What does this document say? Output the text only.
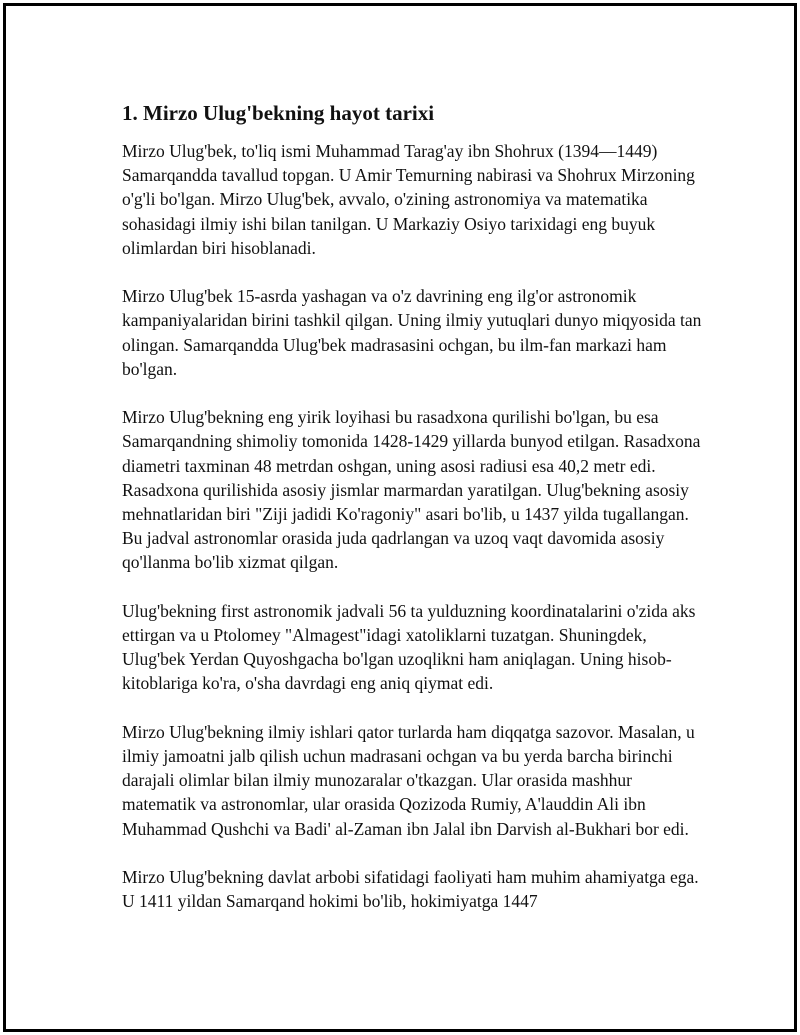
1. Mirzo Ulug'bekning hayot tarixi

Mirzo Ulug'bek, to'liq ismi Muhammad Tarag'ay ibn Shohrux (1394—1449) Samarqandda tavallud topgan. U Amir Temurning nabirasi va Shohrux Mirzoning o'g'li bo'lgan. Mirzo Ulug'bek, avvalo, o'zining astronomiya va matematika sohasidagi ilmiy ishi bilan tanilgan. U Markaziy Osiyo tarixidagi eng buyuk olimlardan biri hisoblanadi.

Mirzo Ulug'bek 15-asrda yashagan va o'z davrining eng ilg'or astronomik kampaniyalaridan birini tashkil qilgan. Uning ilmiy yutuqlari dunyo miqyosida tan olingan. Samarqandda Ulug'bek madrasasini ochgan, bu ilm-fan markazi ham bo'lgan.

Mirzo Ulug'bekning eng yirik loyihasi bu rasadxona qurilishi bo'lgan, bu esa Samarqandning shimoliy tomonida 1428-1429 yillarda bunyod etilgan. Rasadxona diametri taxminan 48 metrdan oshgan, uning asosi radiusi esa 40,2 metr edi. Rasadxona qurilishida asosiy jismlar marmardan yaratilgan. Ulug'bekning asosiy mehnatlaridan biri "Ziji jadidi Ko'ragoniy" asari bo'lib, u 1437 yilda tugallangan. Bu jadval astronomlar orasida juda qadrlangan va uzoq vaqt davomida asosiy qo'llanma bo'lib xizmat qilgan.

Ulug'bekning first astronomik jadvali 56 ta yulduzning koordinatalarini o'zida aks ettirgan va u Ptolomey "Almagest"idagi xatoliklarni tuzatgan. Shuningdek, Ulug'bek Yerdan Quyoshgacha bo'lgan uzoqlikni ham aniqlagan. Uning hisob-kitoblariga ko'ra, o'sha davrdagi eng aniq qiymat edi.

Mirzo Ulug'bekning ilmiy ishlari qator turlarda ham diqqatga sazovor. Masalan, u ilmiy jamoatni jalb qilish uchun madrasani ochgan va bu yerda barcha birinchi darajali olimlar bilan ilmiy munozaralar o'tkazgan. Ular orasida mashhur matematik va astronomlar, ular orasida Qozizoda Rumiy, A'lauddin Ali ibn Muhammad Qushchi va Badi' al-Zaman ibn Jalal ibn Darvish al-Bukhari bor edi.

Mirzo Ulug'bekning davlat arbobi sifatidagi faoliyati ham muhim ahamiyatga ega. U 1411 yildan Samarqand hokimi bo'lib, hokimiyatga 1447
